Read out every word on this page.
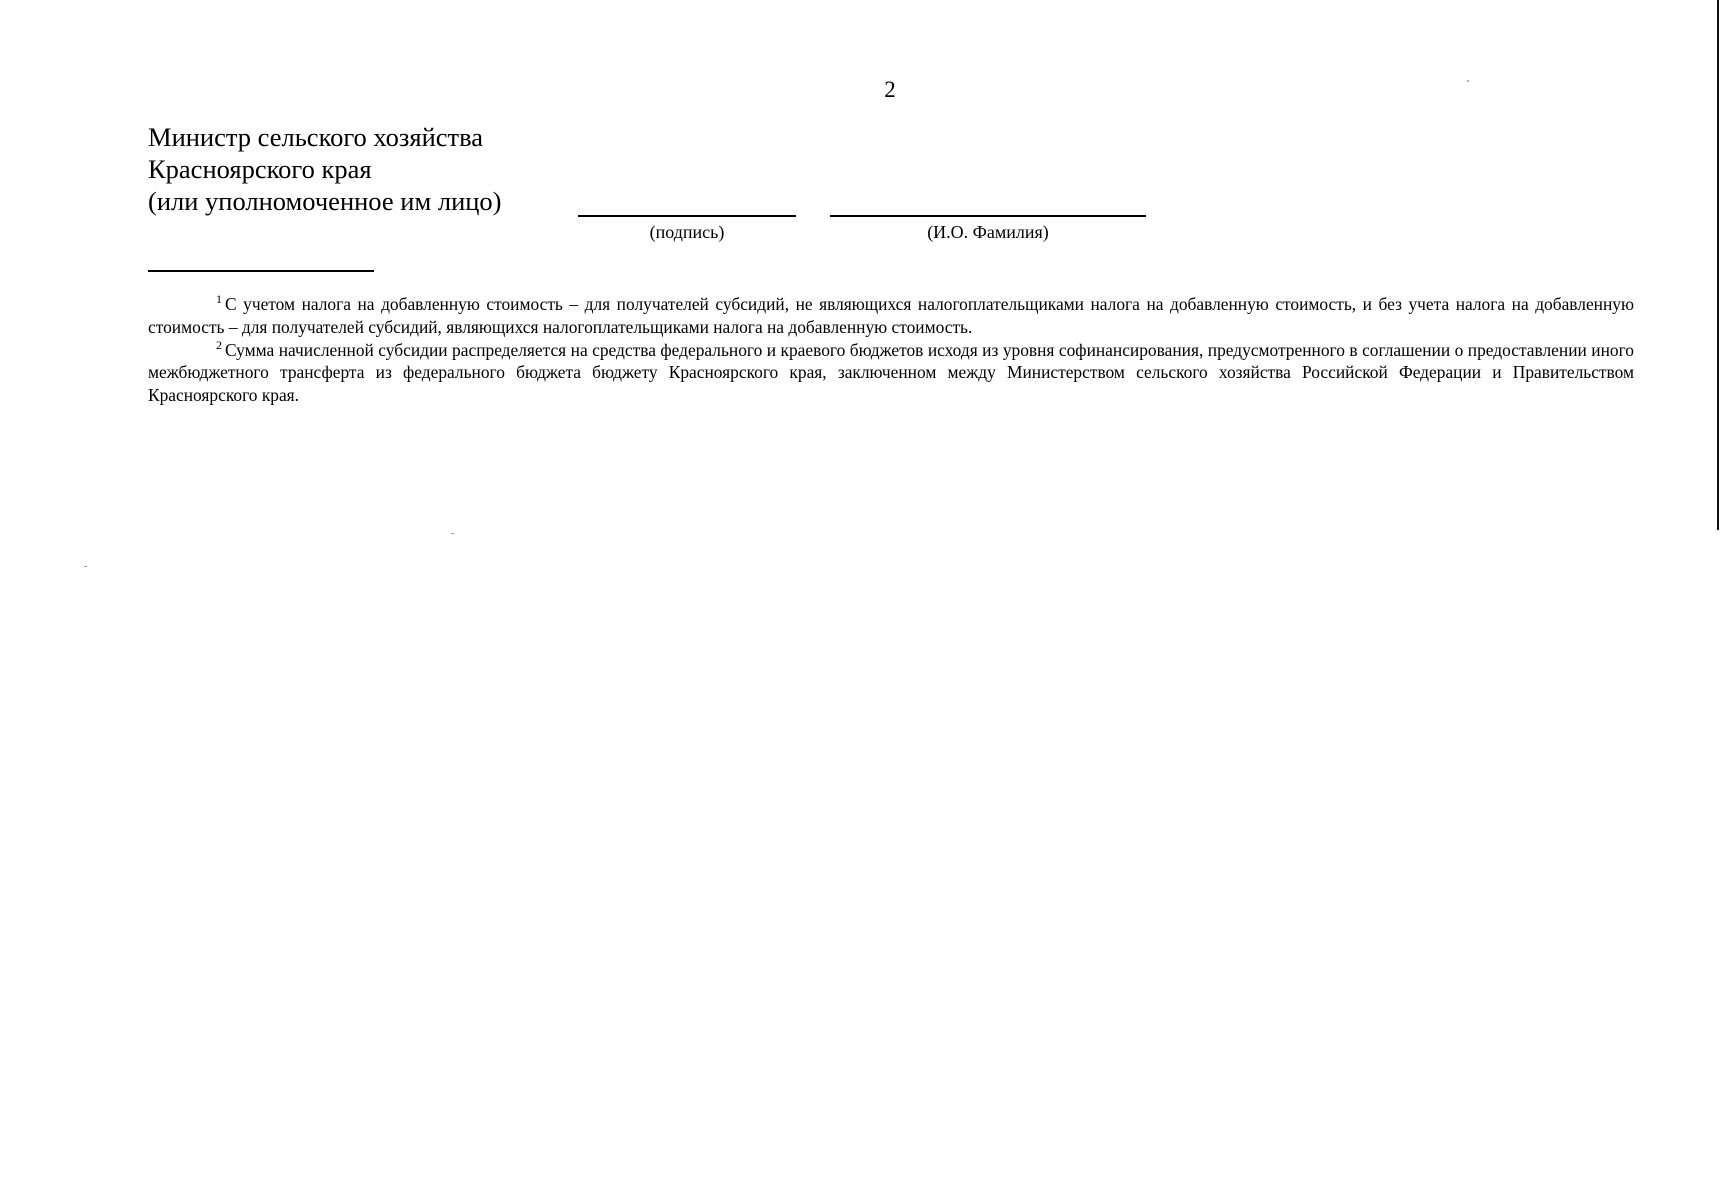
2
Министр сельского хозяйства
Красноярского края
(или уполномоченное им лицо)
(подпись)	(И.О. Фамилия)

$^1$ С учетом налога на добавленную стоимость – для получателей субсидий, не являющихся налогоплательщиками налога на добавленную стоимость, и без учета налога на добавленную стоимость – для получателей субсидий, являющихся налогоплательщиками налога на добавленную стоимость.

$^2$ Сумма начисленной субсидии распределяется на средства федерального и краевого бюджетов исходя из уровня софинансирования, предусмотренного в соглашении о предоставлении иного межбюджетного трансферта из федерального бюджета бюджету Красноярского края, заключенном между Министерством сельского хозяйства Российской Федерации и Правительством Красноярского края.
